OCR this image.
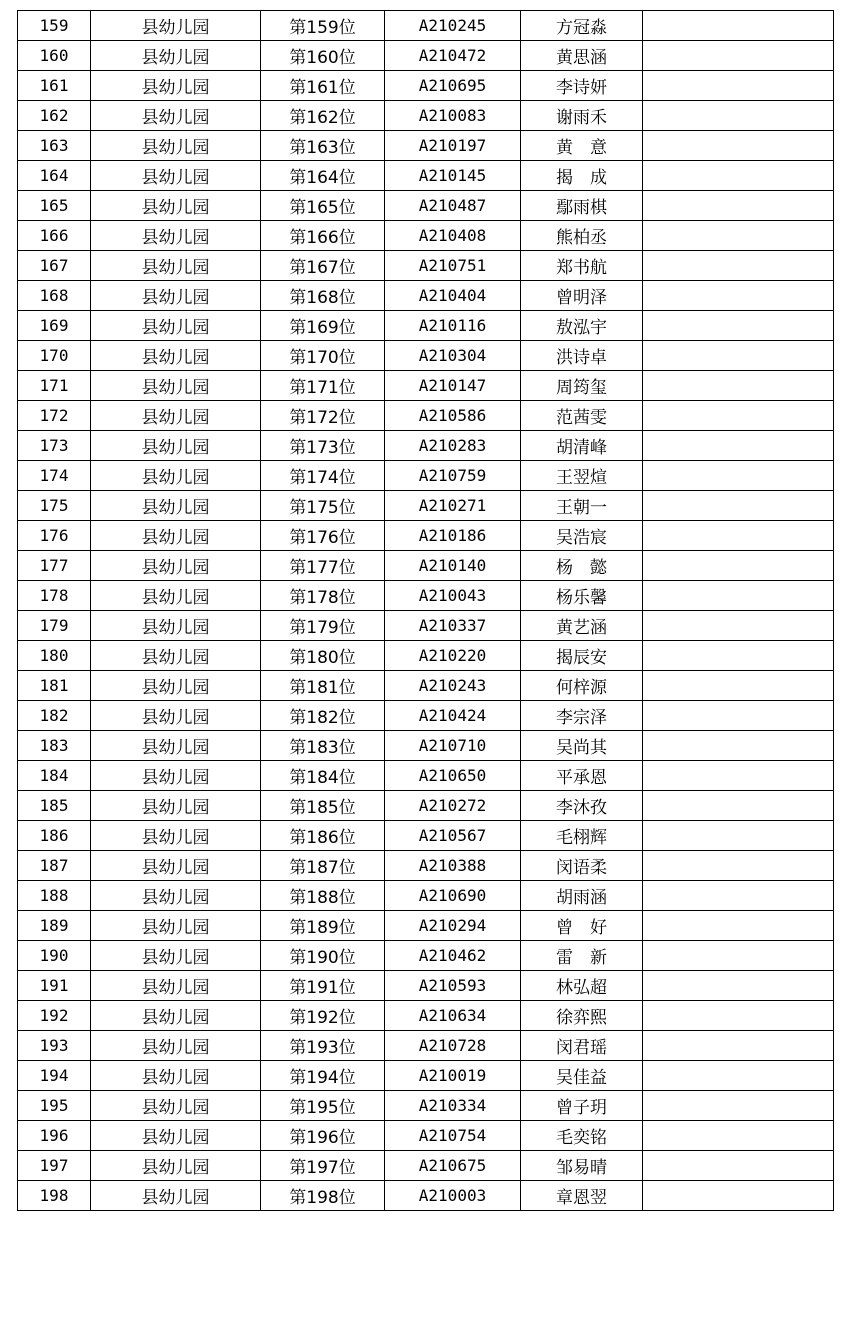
159	县幼儿园	第159位	A210245	方冠淼	
160	县幼儿园	第160位	A210472	黄思涵	
161	县幼儿园	第161位	A210695	李诗妍	
162	县幼儿园	第162位	A210083	谢雨禾	
163	县幼儿园	第163位	A210197	黄　意	
164	县幼儿园	第164位	A210145	揭　成	
165	县幼儿园	第165位	A210487	鄢雨棋	
166	县幼儿园	第166位	A210408	熊柏丞	
167	县幼儿园	第167位	A210751	郑书航	
168	县幼儿园	第168位	A210404	曾明泽	
169	县幼儿园	第169位	A210116	敖泓宇	
170	县幼儿园	第170位	A210304	洪诗卓	
171	县幼儿园	第171位	A210147	周筠玺	
172	县幼儿园	第172位	A210586	范茜雯	
173	县幼儿园	第173位	A210283	胡清峰	
174	县幼儿园	第174位	A210759	王翌煊	
175	县幼儿园	第175位	A210271	王朝一	
176	县幼儿园	第176位	A210186	吴浩宸	
177	县幼儿园	第177位	A210140	杨　懿	
178	县幼儿园	第178位	A210043	杨乐馨	
179	县幼儿园	第179位	A210337	黄艺涵	
180	县幼儿园	第180位	A210220	揭辰安	
181	县幼儿园	第181位	A210243	何梓源	
182	县幼儿园	第182位	A210424	李宗泽	
183	县幼儿园	第183位	A210710	吴尚其	
184	县幼儿园	第184位	A210650	平承恩	
185	县幼儿园	第185位	A210272	李沐孜	
186	县幼儿园	第186位	A210567	毛栩辉	
187	县幼儿园	第187位	A210388	闵语柔	
188	县幼儿园	第188位	A210690	胡雨涵	
189	县幼儿园	第189位	A210294	曾　好	
190	县幼儿园	第190位	A210462	雷　新	
191	县幼儿园	第191位	A210593	林弘超	
192	县幼儿园	第192位	A210634	徐弈熙	
193	县幼儿园	第193位	A210728	闵君瑶	
194	县幼儿园	第194位	A210019	吴佳益	
195	县幼儿园	第195位	A210334	曾子玥	
196	县幼儿园	第196位	A210754	毛奕铭	
197	县幼儿园	第197位	A210675	邹易晴	
198	县幼儿园	第198位	A210003	章恩翌	
